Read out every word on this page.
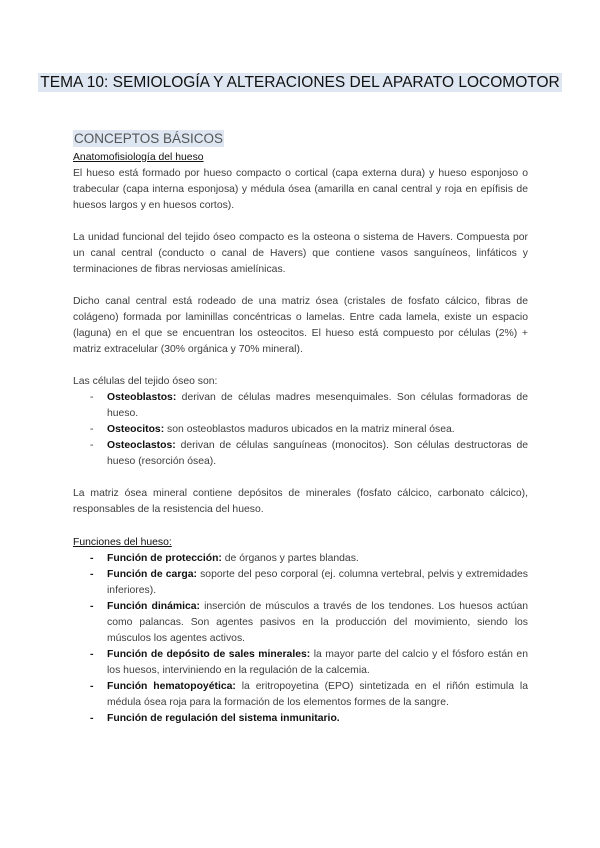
TEMA 10: SEMIOLOGÍA Y ALTERACIONES DEL APARATO LOCOMOTOR
CONCEPTOS BÁSICOS
Anatomofisiología del hueso

El hueso está formado por hueso compacto o cortical (capa externa dura) y hueso esponjoso o trabecular (capa interna esponjosa) y médula ósea (amarilla en canal central y roja en epífisis de huesos largos y en huesos cortos).

La unidad funcional del tejido óseo compacto es la osteona o sistema de Havers. Compuesta por un canal central (conducto o canal de Havers) que contiene vasos sanguíneos, linfáticos y terminaciones de fibras nerviosas amielínicas.

Dicho canal central está rodeado de una matriz ósea (cristales de fosfato cálcico, fibras de colágeno) formada por laminillas concéntricas o lamelas. Entre cada lamela, existe un espacio (laguna) en el que se encuentran los osteocitos. El hueso está compuesto por células (2%) + matriz extracelular (30% orgánica y 70% mineral).

Las células del tejido óseo son:

- Osteoblastos: derivan de células madres mesenquimales. Son células formadoras de hueso.
- Osteocitos: son osteoblastos maduros ubicados en la matriz mineral ósea.
- Osteoclastos: derivan de células sanguíneas (monocitos). Son células destructoras de hueso (resorción ósea).

La matriz ósea mineral contiene depósitos de minerales (fosfato cálcico, carbonato cálcico), responsables de la resistencia del hueso.

Funciones del hueso:
- Función de protección: de órganos y partes blandas.
- Función de carga: soporte del peso corporal (ej. columna vertebral, pelvis y extremidades inferiores).
- Función dinámica: inserción de músculos a través de los tendones. Los huesos actúan como palancas. Son agentes pasivos en la producción del movimiento, siendo los músculos los agentes activos.
- Función de depósito de sales minerales: la mayor parte del calcio y el fósforo están en los huesos, interviniendo en la regulación de la calcemia.
- Función hematopoyética: la eritropoyetina (EPO) sintetizada en el riñón estimula la médula ósea roja para la formación de los elementos formes de la sangre.
- Función de regulación del sistema inmunitario.
